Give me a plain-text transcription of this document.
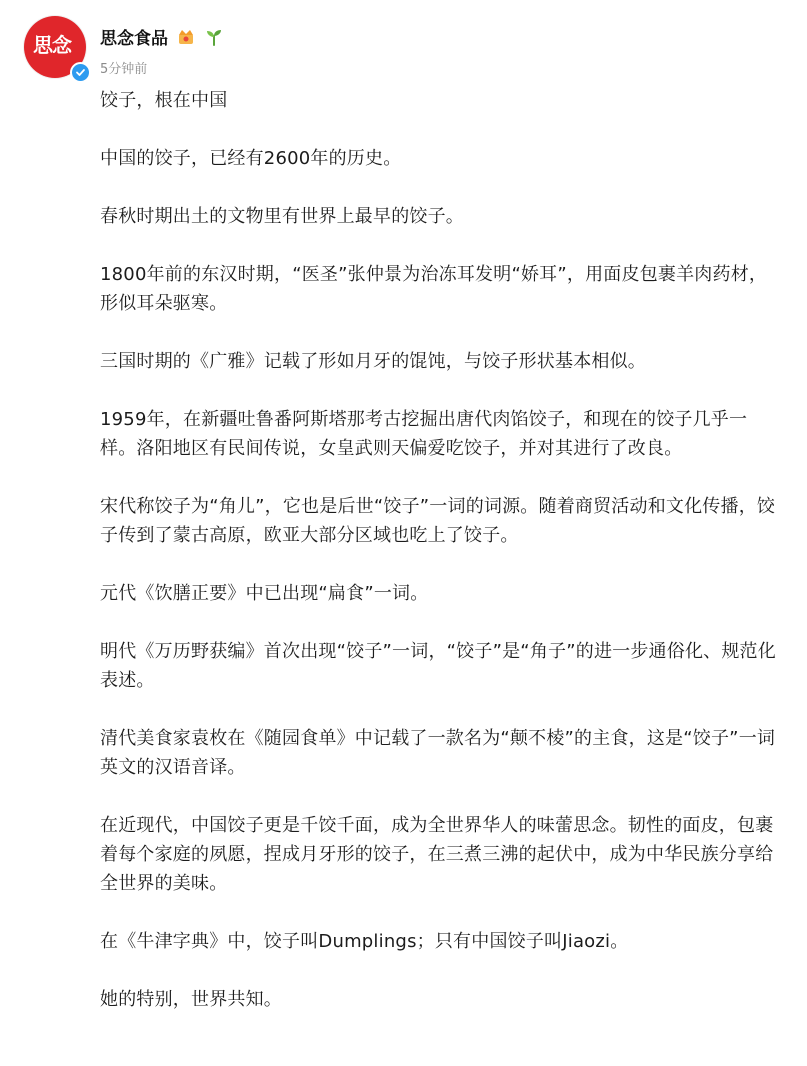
思念 思念食品
5分钟前

饺子，根在中国

中国的饺子，已经有2600年的历史。

春秋时期出土的文物里有世界上最早的饺子。

1800年前的东汉时期，“医圣”张仲景为治冻耳发明“娇耳”，用面皮包裹羊肉药材，形似耳朵驱寒。

三国时期的《广雅》记载了形如月牙的馄饨，与饺子形状基本相似。

1959年，在新疆吐鲁番阿斯塔那考古挖掘出唐代肉馅饺子，和现在的饺子几乎一样。洛阳地区有民间传说，女皇武则天偏爱吃饺子，并对其进行了改良。

宋代称饺子为“角儿”，它也是后世“饺子”一词的词源。随着商贸活动和文化传播，饺子传到了蒙古高原，欧亚大部分区域也吃上了饺子。

元代《饮膳正要》中已出现“扁食”一词。

明代《万历野获编》首次出现“饺子”一词，“饺子”是“角子”的进一步通俗化、规范化表述。

清代美食家袁枚在《随园食单》中记载了一款名为“颠不棱”的主食，这是“饺子”一词英文的汉语音译。

在近现代，中国饺子更是千饺千面，成为全世界华人的味蕾思念。韧性的面皮，包裹着每个家庭的夙愿，捏成月牙形的饺子，在三煮三沸的起伏中，成为中华民族分享给全世界的美味。

在《牛津字典》中，饺子叫Dumplings；只有中国饺子叫Jiaozi。

她的特别，世界共知。
